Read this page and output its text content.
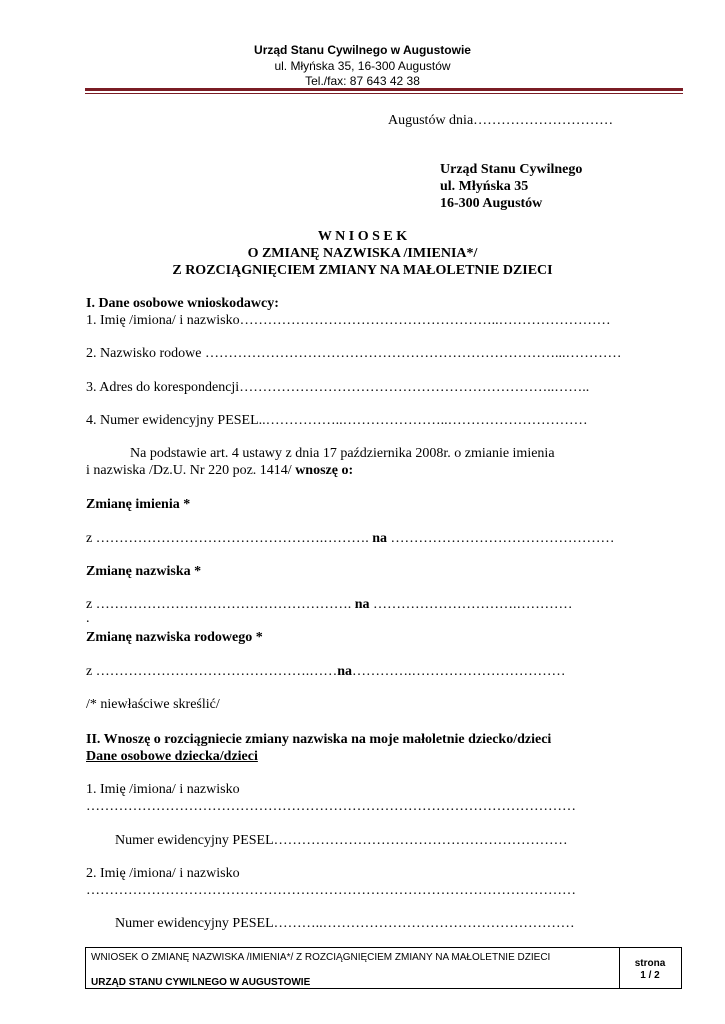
Urząd Stanu Cywilnego w Augustowie
ul. Młyńska 35, 16-300 Augustów
Tel./fax: 87 643 42 38
Augustów dnia…………………………
Urząd Stanu Cywilnego
ul. Młyńska 35
16-300 Augustów
W N I O S E K
O ZMIANĘ NAZWISKA /IMIENIA*/
Z ROZCIĄGNIĘCIEM ZMIANY NA MAŁOLETNIE DZIECI
I. Dane osobowe wnioskodawcy:
1. Imię /imiona/ i nazwisko………………………………………………..……………………
2. Nazwisko rodowe …………………………………………………………………...…………
3. Adres do korespondencji…………………………………………………………..……..
4. Numer ewidencyjny PESEL..……………..…………………..…………………………
Na podstawie art. 4 ustawy z dnia 17 października 2008r. o zmianie imienia
i nazwiska /Dz.U. Nr 220 poz. 1414/ wnoszę o:
Zmianę imienia *
z ………………………………………….………. na …………………………………………
Zmianę nazwiska *
z ………………………………………………. na ………………………….…………
.
Zmianę nazwiska rodowego *
z ……………………………………….……na………….……………………………
/* niewłaściwe skreślić/
II. Wnoszę o rozciągniecie zmiany nazwiska na moje małoletnie dziecko/dzieci
Dane osobowe dziecka/dzieci
1. Imię /imiona/ i nazwisko
……………………………………………………………………………………………
Numer ewidencyjny PESEL………………………………………………………
2. Imię /imiona/ i nazwisko
……………………………………………………………………………………………
Numer ewidencyjny PESEL………..………………………………………………
WNIOSEK O ZMIANĘ NAZWISKA /IMIENIA*/ Z ROZCIĄGNIĘCIEM ZMIANY NA MAŁOLETNIE DZIECI
URZĄD STANU CYWILNEGO W AUGUSTOWIE
strona
1 / 2
